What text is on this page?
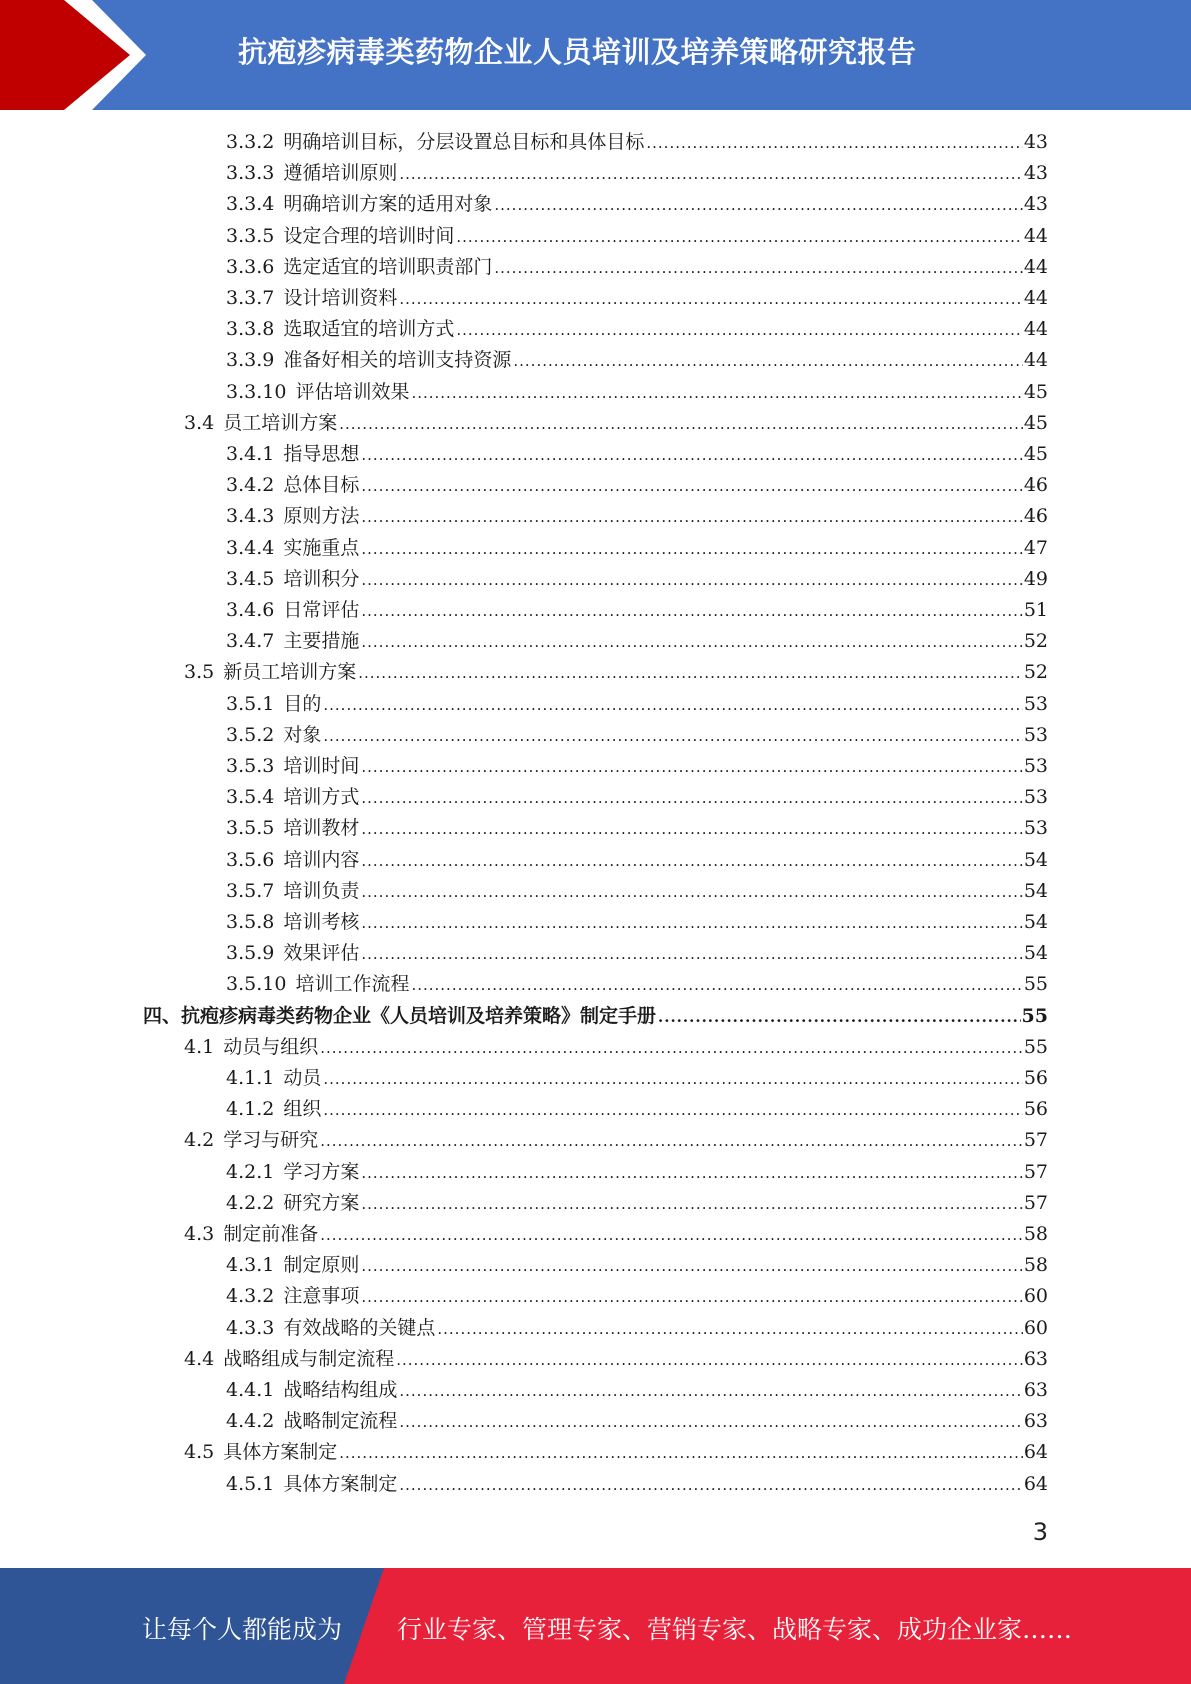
抗疱疹病毒类药物企业人员培训及培养策略研究报告
3.3.2 明确培训目标，分层设置总目标和具体目标 .....	43
3.3.3 遵循培训原则 .....	43
3.3.4 明确培训方案的适用对象 .....	43
3.3.5 设定合理的培训时间 .....	44
3.3.6 选定适宜的培训职责部门 .....	44
3.3.7 设计培训资料 .....	44
3.3.8 选取适宜的培训方式 .....	44
3.3.9 准备好相关的培训支持资源 .....	44
3.3.10 评估培训效果 .....	45
3.4 员工培训方案 .....	45
3.4.1 指导思想 .....	45
3.4.2 总体目标 .....	46
3.4.3 原则方法 .....	46
3.4.4 实施重点 .....	47
3.4.5 培训积分 .....	49
3.4.6 日常评估 .....	51
3.4.7 主要措施 .....	52
3.5 新员工培训方案 .....	52
3.5.1 目的 .....	53
3.5.2 对象 .....	53
3.5.3 培训时间 .....	53
3.5.4 培训方式 .....	53
3.5.5 培训教材 .....	53
3.5.6 培训内容 .....	54
3.5.7 培训负责 .....	54
3.5.8 培训考核 .....	54
3.5.9 效果评估 .....	54
3.5.10 培训工作流程 .....	55
四、抗疱疹病毒类药物企业《人员培训及培养策略》制定手册 .....	55
4.1 动员与组织 .....	55
4.1.1 动员 .....	56
4.1.2 组织 .....	56
4.2 学习与研究 .....	57
4.2.1 学习方案 .....	57
4.2.2 研究方案 .....	57
4.3 制定前准备 .....	58
4.3.1 制定原则 .....	58
4.3.2 注意事项 .....	60
4.3.3 有效战略的关键点 .....	60
4.4 战略组成与制定流程 .....	63
4.4.1 战略结构组成 .....	63
4.4.2 战略制定流程 .....	63
4.5 具体方案制定 .....	64
4.5.1 具体方案制定 .....	64
3
让每个人都能成为 行业专家、管理专家、营销专家、战略专家、成功企业家……
